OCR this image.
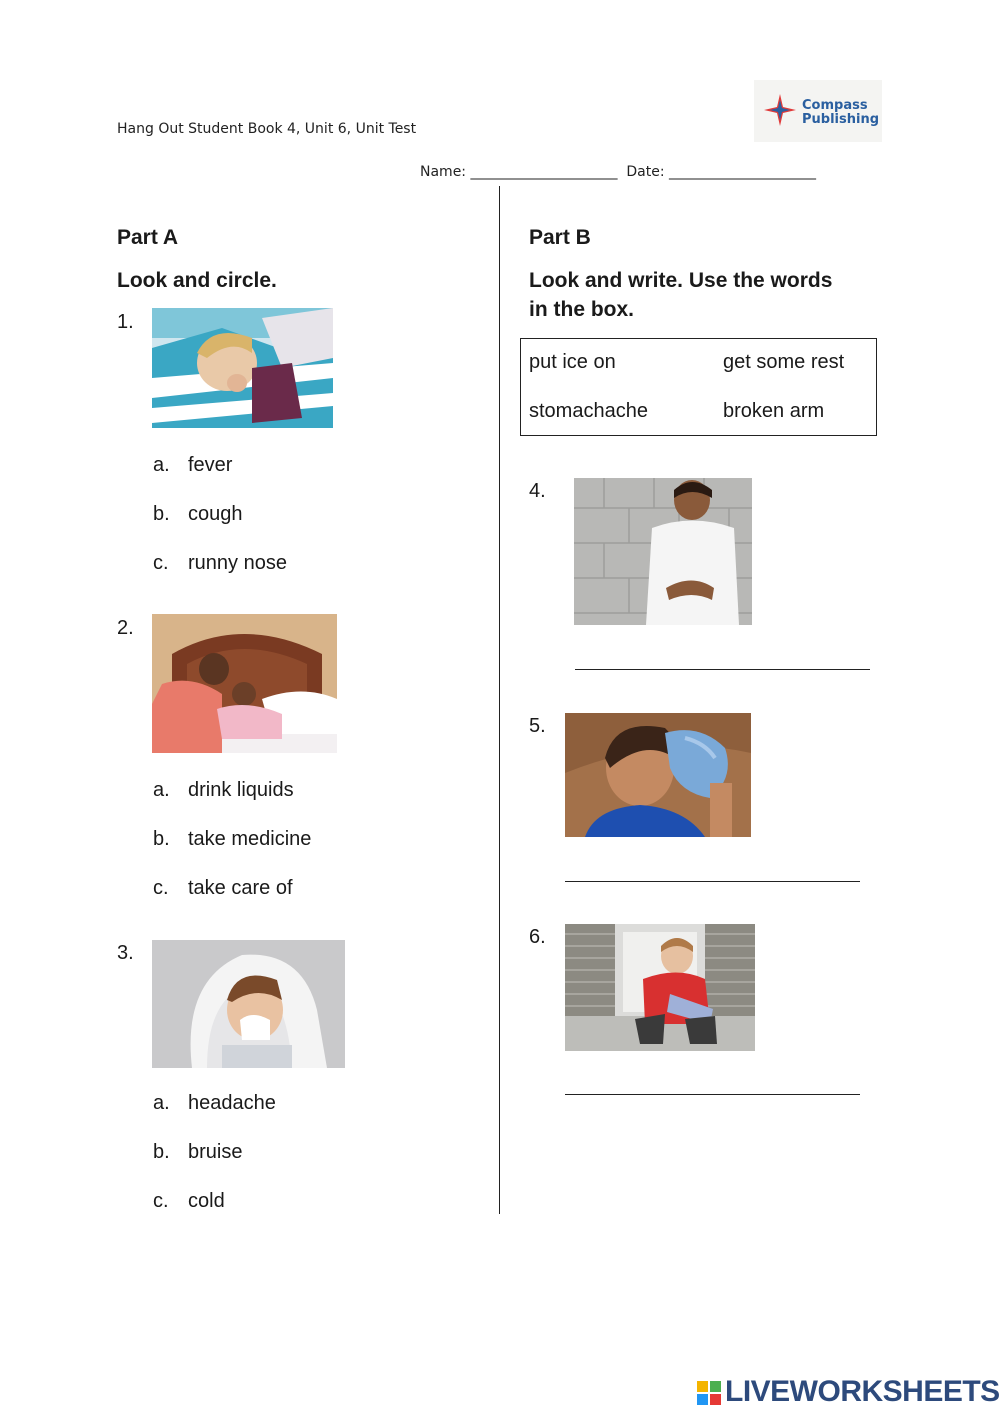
Hang Out Student Book 4, Unit 6, Unit Test
Compass
Publishing
Name: _____________________  Date: _____________________
Part A
Look and circle.
1.
a. fever
b. cough
c. runny nose
2.
a. drink liquids
b. take medicine
c. take care of
3.
a. headache
b. bruise
c. cold
Part B
Look and write. Use the words
in the box.
put ice on	get some rest
stomachache	broken arm
4.
5.
6.
LIVEWORKSHEETS
